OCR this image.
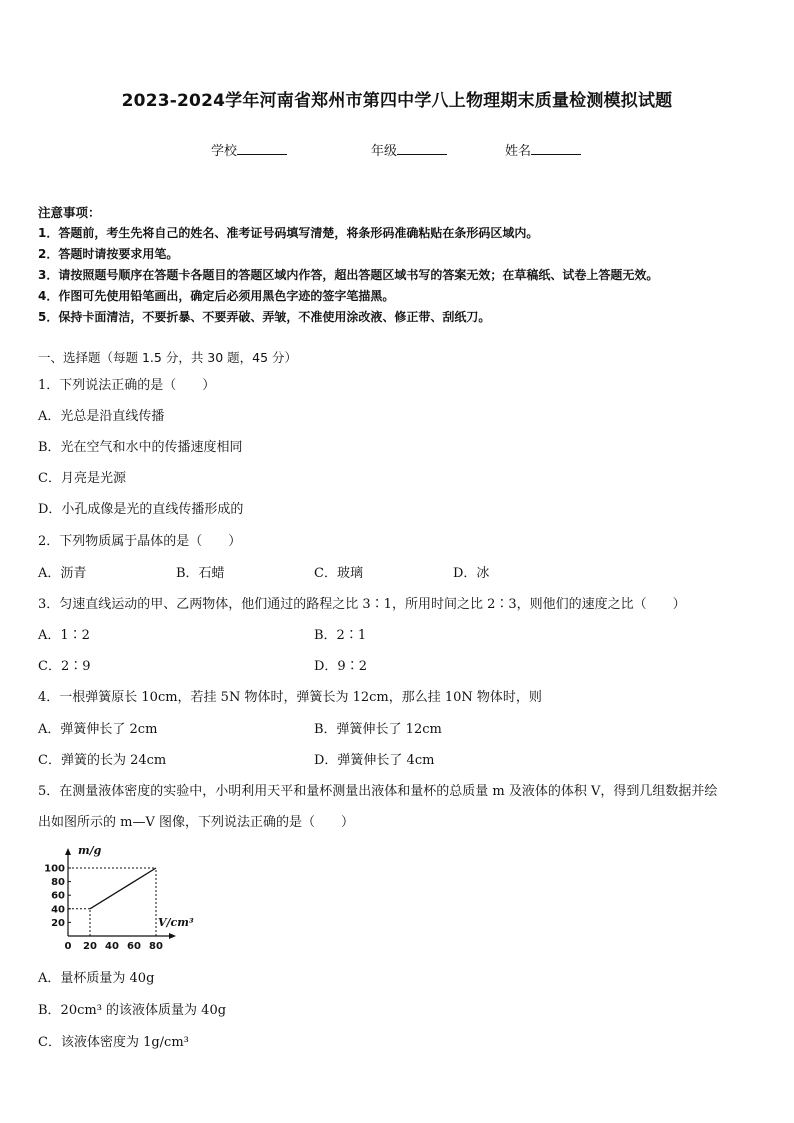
2023-2024学年河南省郑州市第四中学八上物理期末质量检测模拟试题
学校	年级	姓名
注意事项：
1．答题前，考生先将自己的姓名、准考证号码填写清楚，将条形码准确粘贴在条形码区域内。
2．答题时请按要求用笔。
3．请按照题号顺序在答题卡各题目的答题区域内作答，超出答题区域书写的答案无效；在草稿纸、试卷上答题无效。
4．作图可先使用铅笔画出，确定后必须用黑色字迹的签字笔描黑。
5．保持卡面清洁，不要折暴、不要弄破、弄皱，不准使用涂改液、修正带、刮纸刀。
一、选择题（每题 1.5 分，共 30 题，45 分）
1．下列说法正确的是（　　）
A．光总是沿直线传播
B．光在空气和水中的传播速度相同
C．月亮是光源
D．小孔成像是光的直线传播形成的
2．下列物质属于晶体的是（　　）
A．沥青	B．石蜡	C．玻璃	D．冰
3．匀速直线运动的甲、乙两物体，他们通过的路程之比 3∶1，所用时间之比 2∶3，则他们的速度之比（　　）
A．1∶2	B．2∶1
C．2∶9	D．9∶2
4．一根弹簧原长 10cm，若挂 5N 物体时，弹簧长为 12cm，那么挂 10N 物体时，则
A．弹簧伸长了 2cm	B．弹簧伸长了 12cm
C．弹簧的长为 24cm	D．弹簧伸长了 4cm
5．在测量液体密度的实验中，小明利用天平和量杯测量出液体和量杯的总质量 m 及液体的体积 V，得到几组数据并绘
出如图所示的 m—V 图像，下列说法正确的是（　　）
0 20 40 60 80
20
40
60
80
100
m/g
V/cm³
A．量杯质量为 40g
B．20cm³ 的该液体质量为 40g
C．该液体密度为 1g/cm³
